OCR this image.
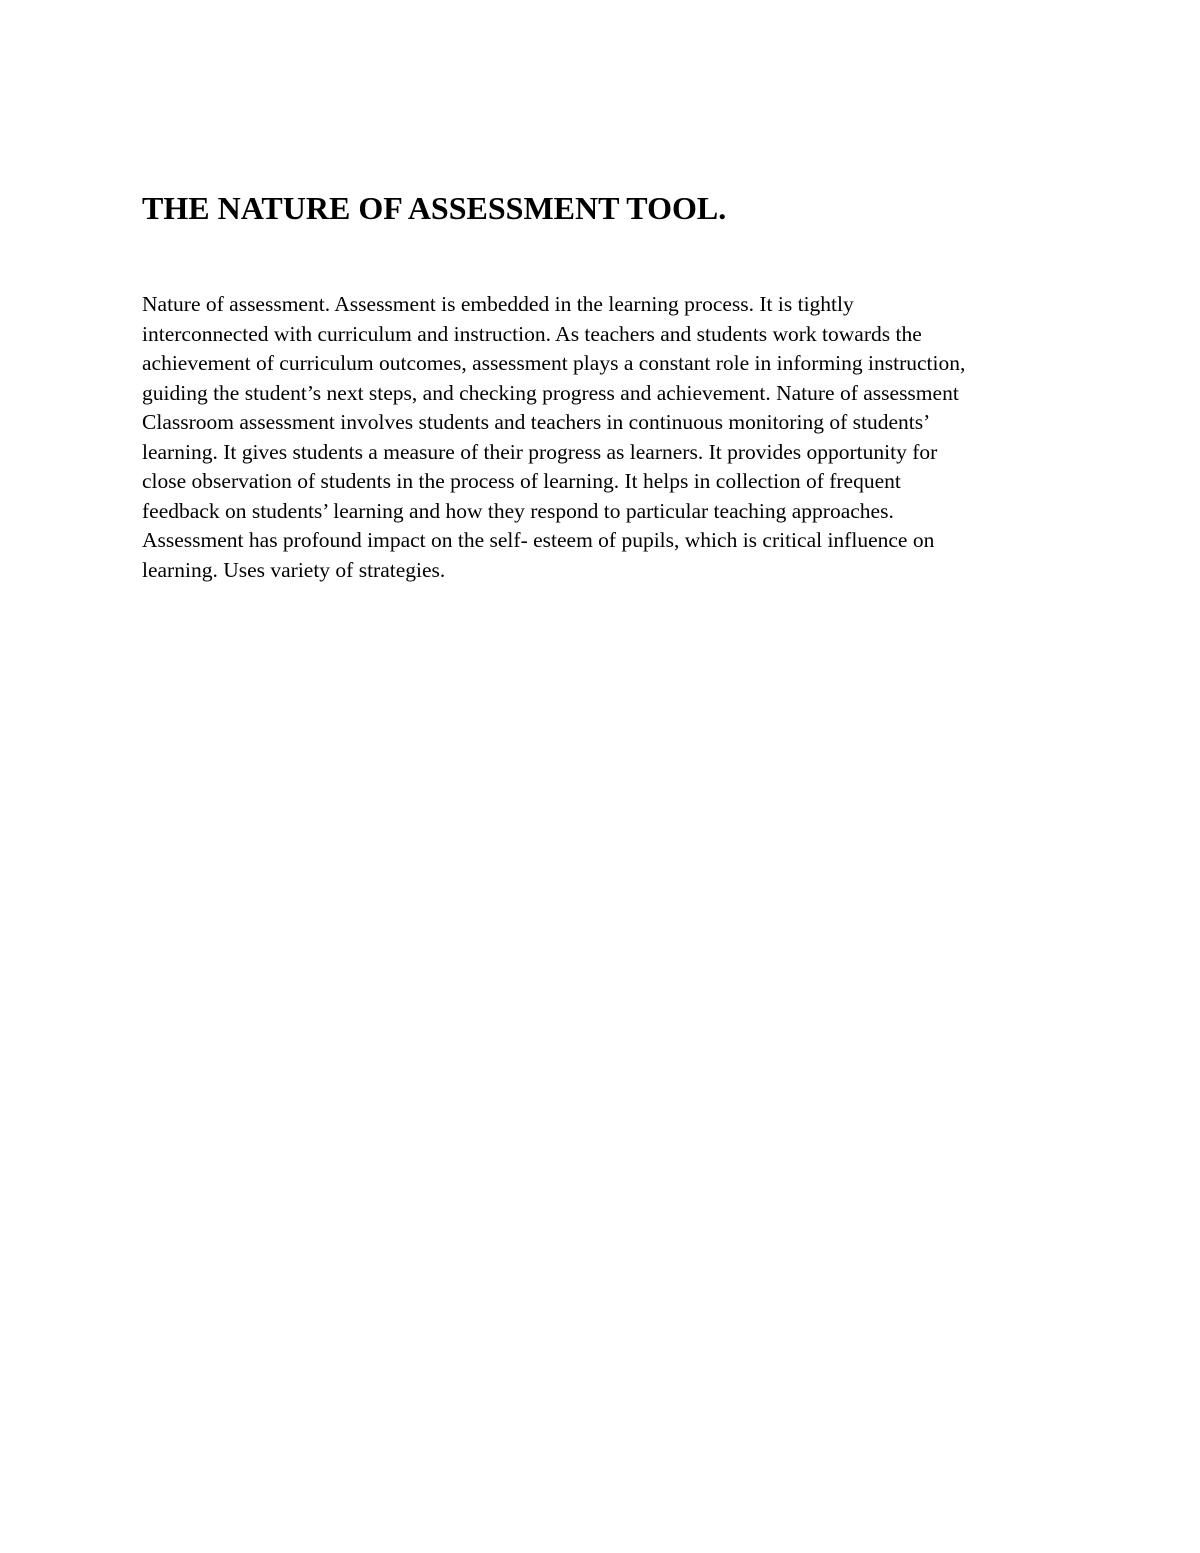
THE NATURE OF ASSESSMENT TOOL.

Nature of assessment. Assessment is embedded in the learning process. It is tightly
interconnected with curriculum and instruction. As teachers and students work towards the
achievement of curriculum outcomes, assessment plays a constant role in informing instruction,
guiding the student’s next steps, and checking progress and achievement. Nature of assessment
Classroom assessment involves students and teachers in continuous monitoring of students’
learning. It gives students a measure of their progress as learners. It provides opportunity for
close observation of students in the process of learning. It helps in collection of frequent
feedback on students’ learning and how they respond to particular teaching approaches.
Assessment has profound impact on the self- esteem of pupils, which is critical influence on
learning. Uses variety of strategies.
